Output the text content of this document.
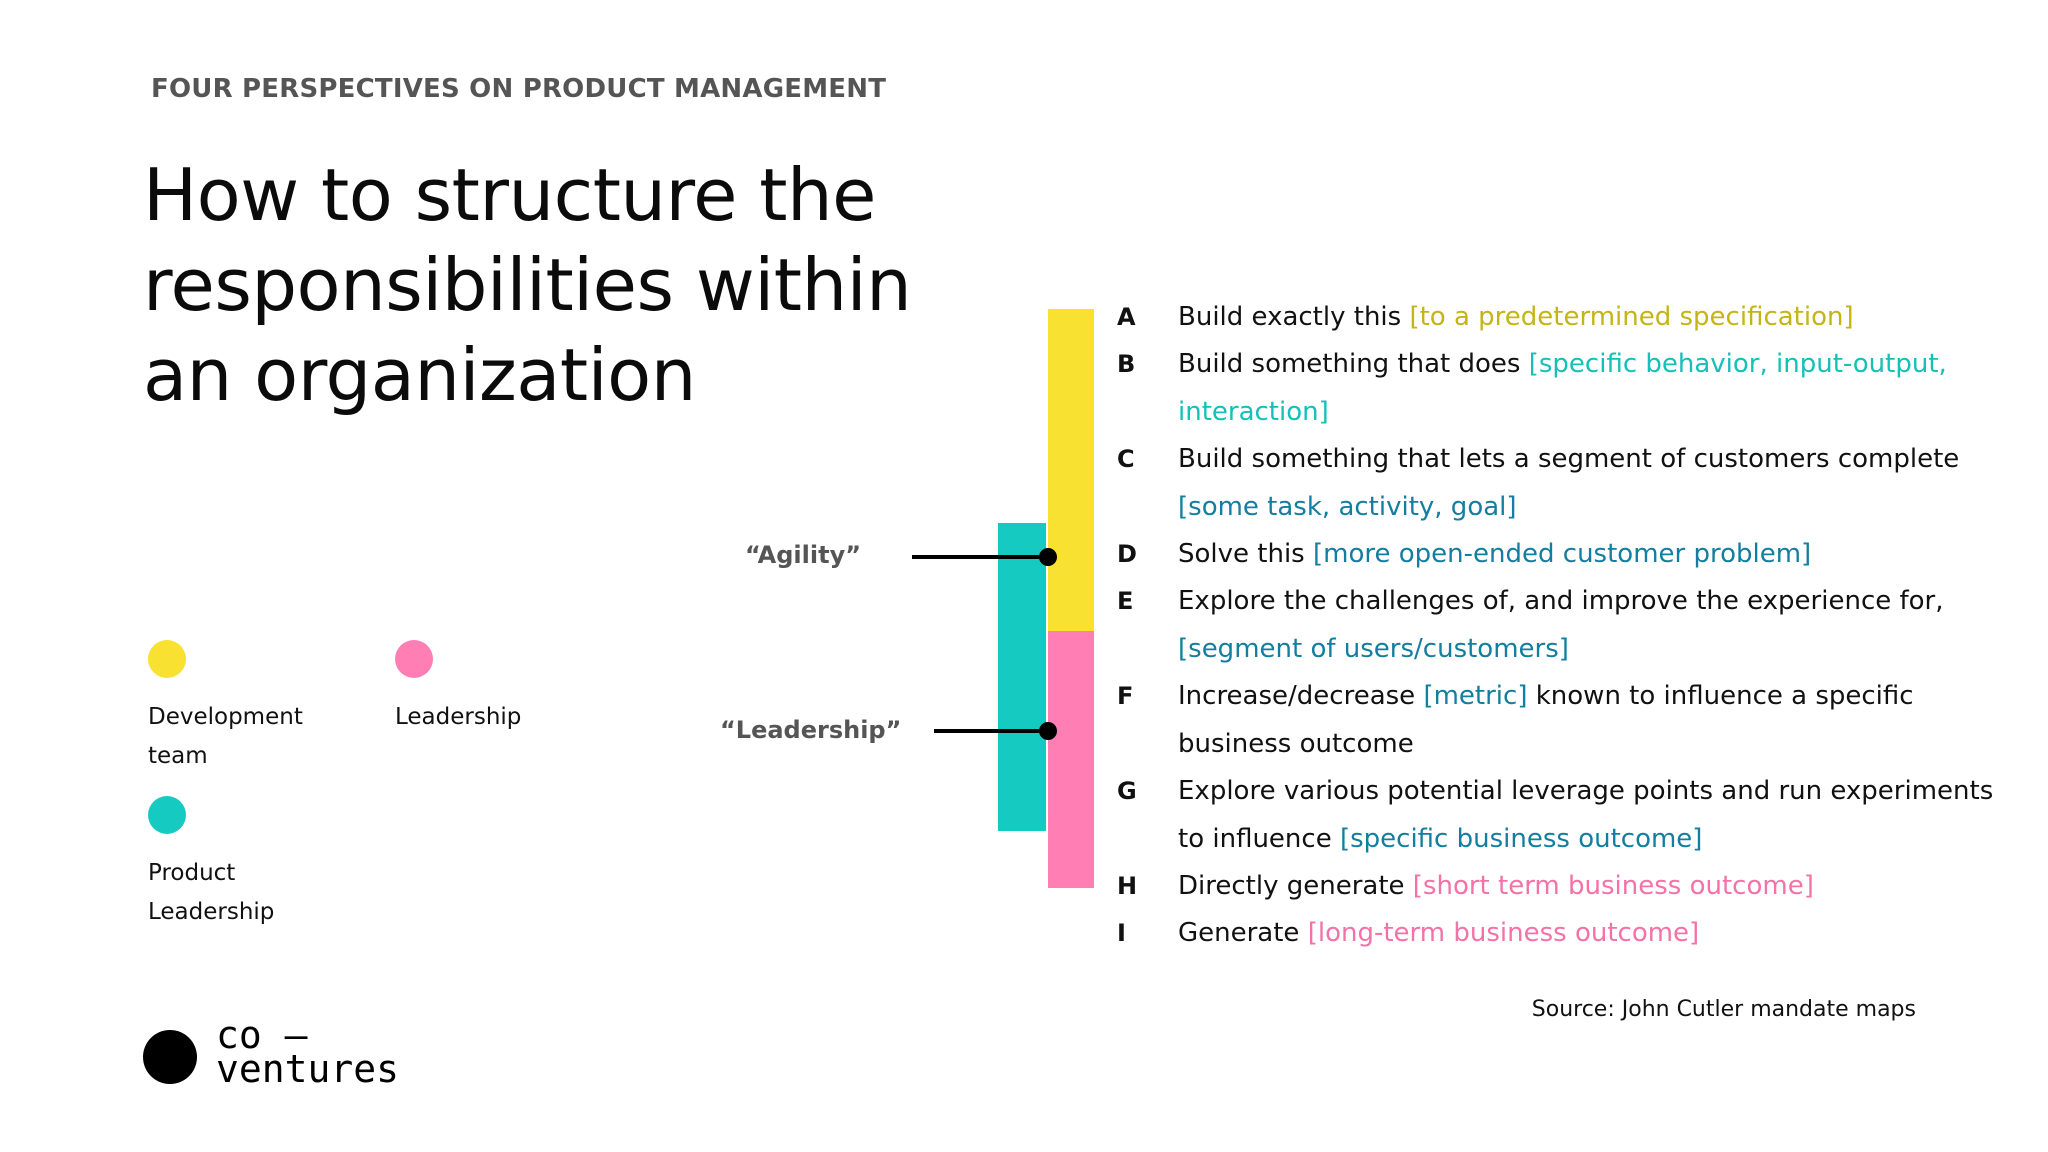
FOUR PERSPECTIVES ON PRODUCT MANAGEMENT
How to structure the responsibilities within an organization
Development team
Leadership
Product Leadership
“Agility”
“Leadership”
A Build exactly this [to a predetermined specification]
B Build something that does [specific behavior, input-output, interaction]
C Build something that lets a segment of customers complete [some task, activity, goal]
D Solve this [more open-ended customer problem]
E Explore the challenges of, and improve the experience for, [segment of users/customers]
F Increase/decrease [metric] known to influence a specific business outcome
G Explore various potential leverage points and run experiments to influence [specific business outcome]
H Directly generate [short term business outcome]
I Generate [long-term business outcome]
Source: John Cutler mandate maps
co —
ventures
